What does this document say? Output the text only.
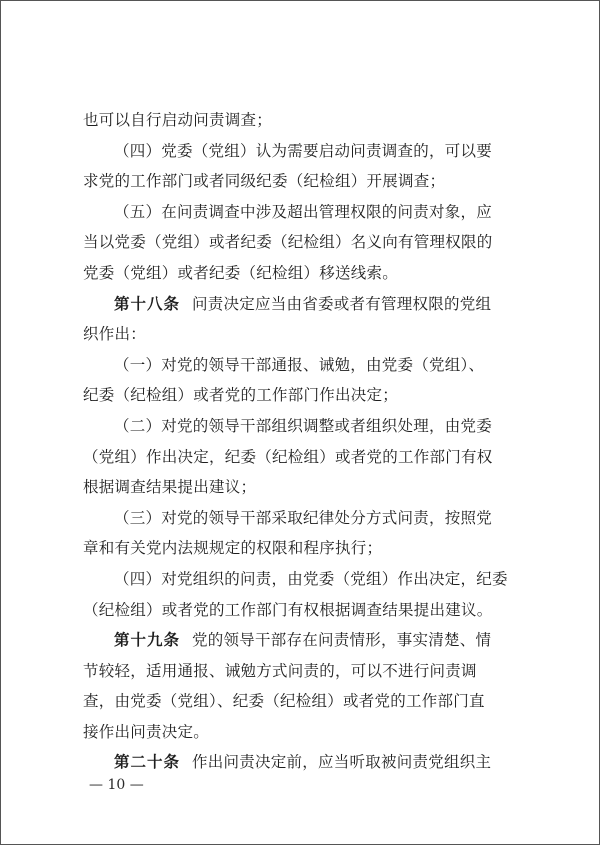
也可以自行启动问责调查；
（四）党委（党组）认为需要启动问责调查的，可以要
求党的工作部门或者同级纪委（纪检组）开展调查；
（五）在问责调查中涉及超出管理权限的问责对象，应
当以党委（党组）或者纪委（纪检组）名义向有管理权限的
党委（党组）或者纪委（纪检组）移送线索。
第十八条 问责决定应当由省委或者有管理权限的党组
织作出：
（一）对党的领导干部通报、诫勉，由党委（党组）、
纪委（纪检组）或者党的工作部门作出决定；
（二）对党的领导干部组织调整或者组织处理，由党委
（党组）作出决定，纪委（纪检组）或者党的工作部门有权
根据调查结果提出建议；
（三）对党的领导干部采取纪律处分方式问责，按照党
章和有关党内法规规定的权限和程序执行；
（四）对党组织的问责，由党委（党组）作出决定，纪委
（纪检组）或者党的工作部门有权根据调查结果提出建议。
第十九条 党的领导干部存在问责情形，事实清楚、情
节较轻，适用通报、诫勉方式问责的，可以不进行问责调
查，由党委（党组）、纪委（纪检组）或者党的工作部门直
接作出问责决定。
第二十条 作出问责决定前，应当听取被问责党组织主
— 10 —
